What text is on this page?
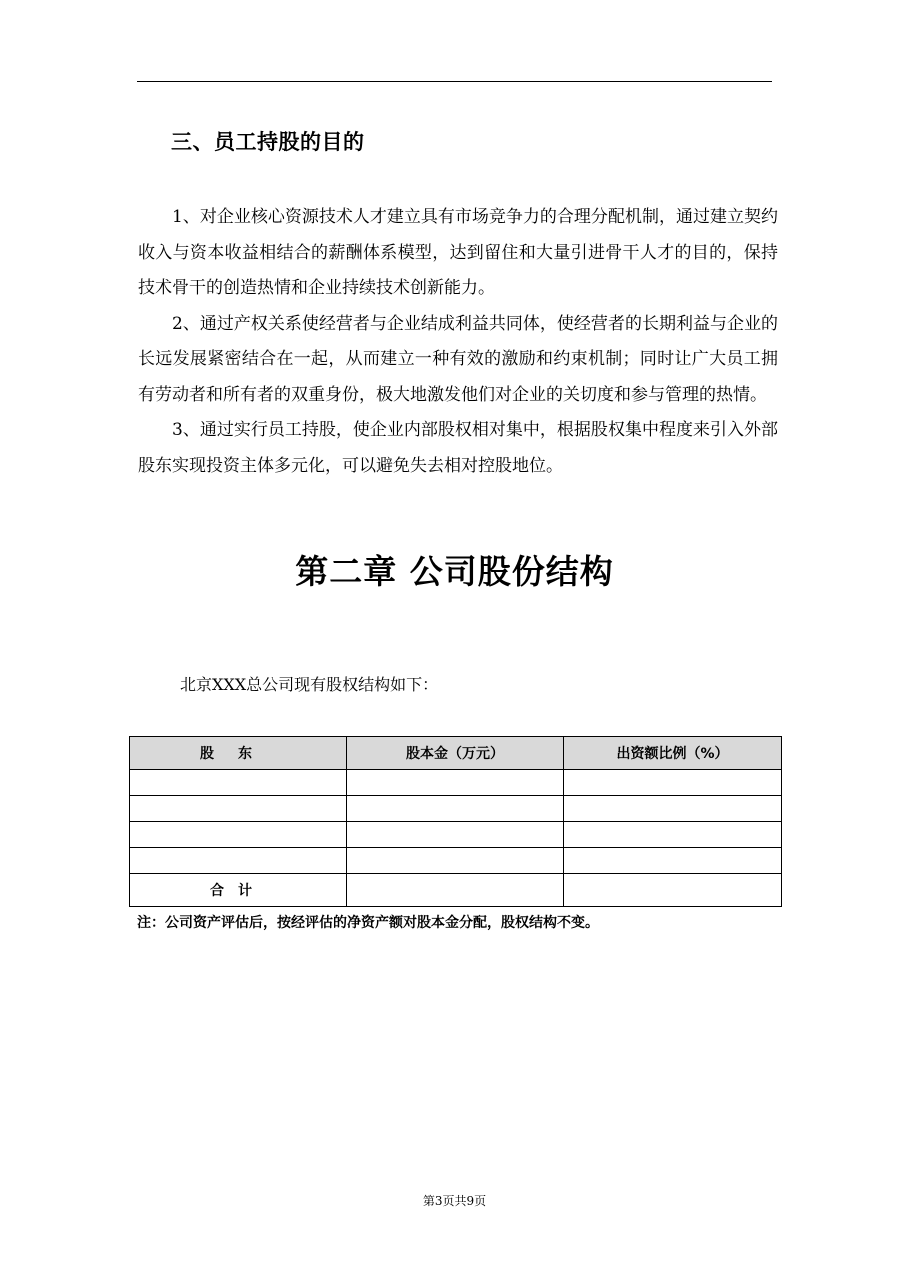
三、员工持股的目的

1、对企业核心资源技术人才建立具有市场竞争力的合理分配机制，通过建立契约收入与资本收益相结合的薪酬体系模型，达到留住和大量引进骨干人才的目的，保持技术骨干的创造热情和企业持续技术创新能力。

2、通过产权关系使经营者与企业结成利益共同体，使经营者的长期利益与企业的长远发展紧密结合在一起，从而建立一种有效的激励和约束机制；同时让广大员工拥有劳动者和所有者的双重身份，极大地激发他们对企业的关切度和参与管理的热情。

3、通过实行员工持股，使企业内部股权相对集中，根据股权集中程度来引入外部股东实现投资主体多元化，可以避免失去相对控股地位。

第二章 公司股份结构
北京XXX总公司现有股权结构如下：
股东	股本金（万元）	出资额比例（%）

合计		
注：公司资产评估后，按经评估的净资产额对股本金分配，股权结构不变。
第3页共9页
